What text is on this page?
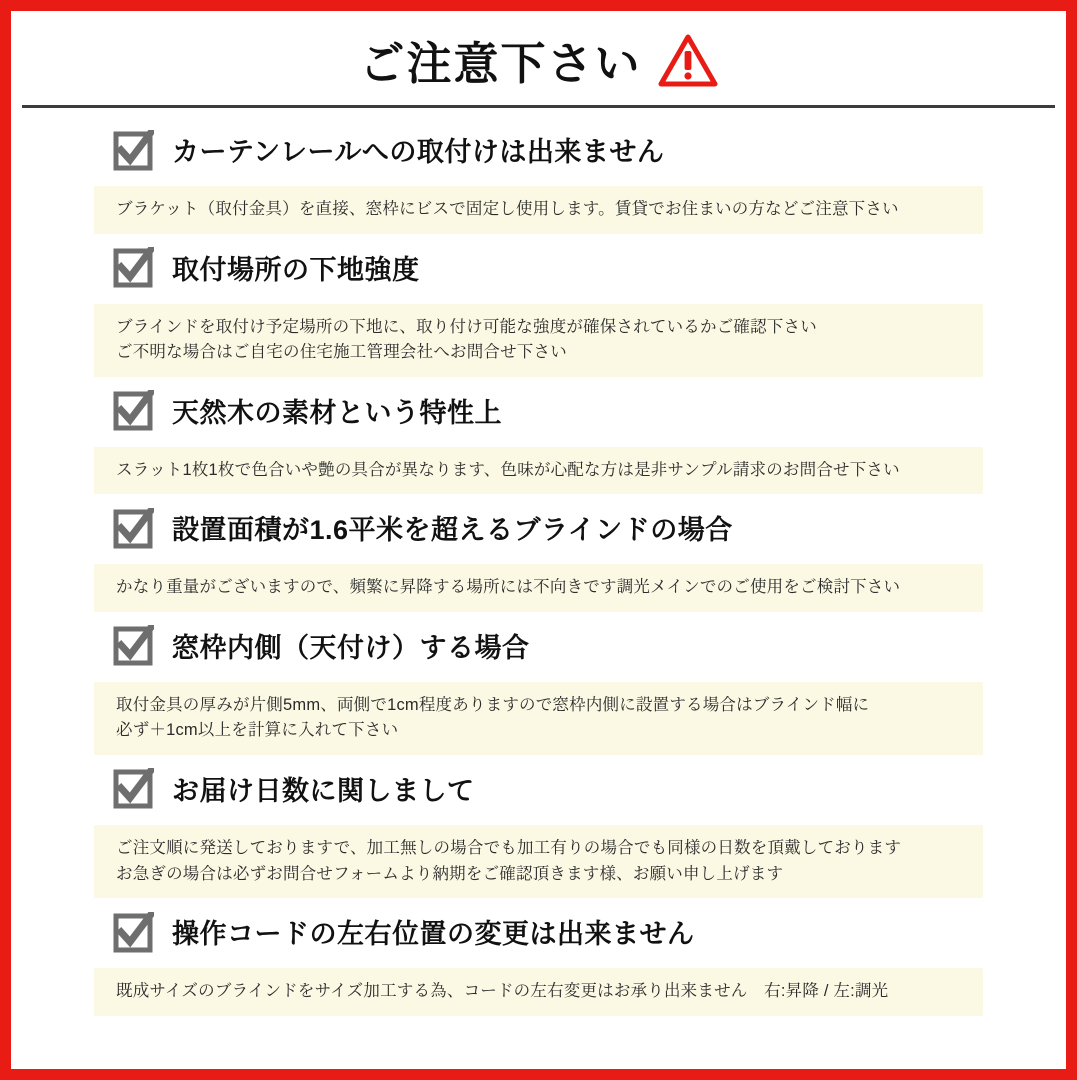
ご注意下さい
カーテンレールへの取付けは出来ません

ブラケット（取付金具）を直接、窓枠にビスで固定し使用します。賃貸でお住まいの方などご注意下さい

取付場所の下地強度

ブラインドを取付け予定場所の下地に、取り付け可能な強度が確保されているかご確認下さい

ご不明な場合はご自宅の住宅施工管理会社へお問合せ下さい

天然木の素材という特性上

スラット1枚1枚で色合いや艶の具合が異なります、色味が心配な方は是非サンプル請求のお問合せ下さい

設置面積が1.6平米を超えるブラインドの場合

かなり重量がございますので、頻繁に昇降する場所には不向きです調光メインでのご使用をご検討下さい

窓枠内側（天付け）する場合

取付金具の厚みが片側5mm、両側で1cm程度ありますので窓枠内側に設置する場合はブラインド幅に

必ず＋1cm以上を計算に入れて下さい

お届け日数に関しまして

ご注文順に発送しておりますで、加工無しの場合でも加工有りの場合でも同様の日数を頂戴しております

お急ぎの場合は必ずお問合せフォームより納期をご確認頂きます様、お願い申し上げます

操作コードの左右位置の変更は出来ません

既成サイズのブラインドをサイズ加工する為、コードの左右変更はお承り出来ません　右:昇降 / 左:調光
